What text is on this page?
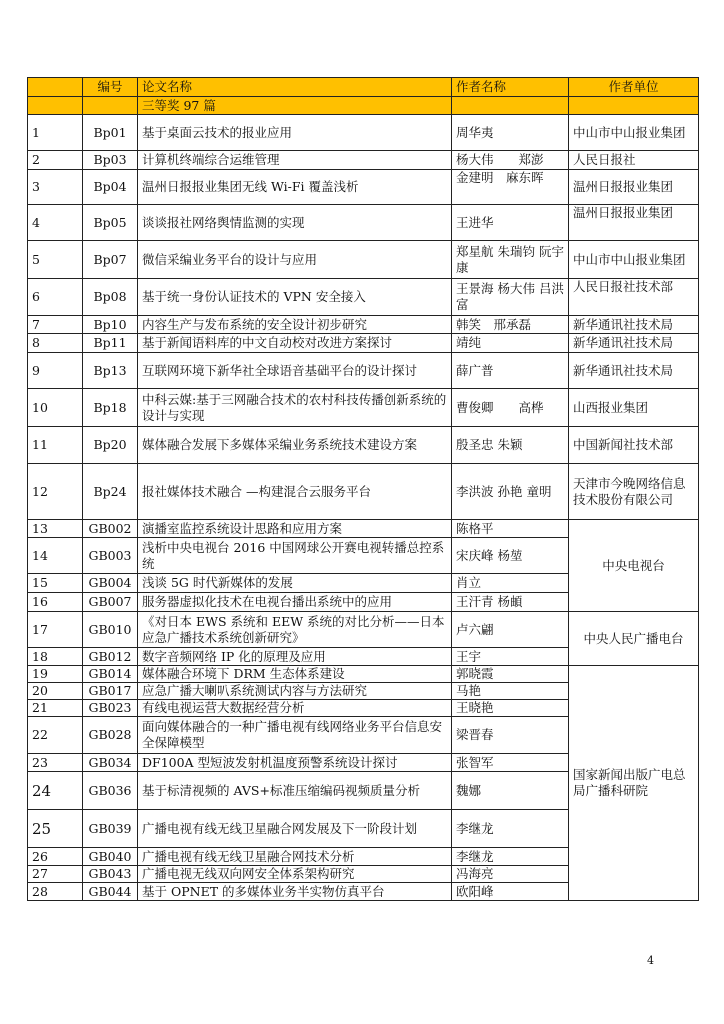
	编号	论文名称	作者名称	作者单位
		三等奖 97 篇		
1	Bp01	基于桌面云技术的报业应用	周华夷	中山市中山报业集团
2	Bp03	计算机终端综合运维管理	杨大伟　　郑澎	人民日报社
3	Bp04	温州日报报业集团无线 Wi-Fi 覆盖浅析	金建明　麻东晖	温州日报报业集团
4	Bp05	谈谈报社网络舆情监测的实现	王进华	温州日报报业集团
5	Bp07	微信采编业务平台的设计与应用	郑星航 朱瑞钧 阮宇康	中山市中山报业集团
6	Bp08	基于统一身份认证技术的 VPN 安全接入	王景海 杨大伟 吕洪富	人民日报社技术部
7	Bp10	内容生产与发布系统的安全设计初步研究	韩笑　邢承磊	新华通讯社技术局
8	Bp11	基于新闻语料库的中文自动校对改进方案探讨	靖纯	新华通讯社技术局
9	Bp13	互联网环境下新华社全球语音基础平台的设计探讨	薛广普	新华通讯社技术局
10	Bp18	中科云媒:基于三网融合技术的农村科技传播创新系统的设计与实现	曹俊卿　　高桦	山西报业集团
11	Bp20	媒体融合发展下多媒体采编业务系统技术建设方案	殷圣忠 朱颖	中国新闻社技术部
12	Bp24	报社媒体技术融合 —构建混合云服务平台	李洪波 孙艳 童明	天津市今晚网络信息技术股份有限公司
13	GB002	演播室监控系统设计思路和应用方案	陈格平	中央电视台
14	GB003	浅析中央电视台 2016 中国网球公开赛电视转播总控系统	宋庆峰 杨堃	
15	GB004	浅谈 5G 时代新媒体的发展	肖立	
16	GB007	服务器虚拟化技术在电视台播出系统中的应用	王汗青 杨頔	
17	GB010	《对日本 EWS 系统和 EEW 系统的对比分析——日本应急广播技术系统创新研究》	卢六翩	中央人民广播电台
18	GB012	数字音频网络 IP 化的原理及应用	王宇	
19	GB014	媒体融合环境下 DRM 生态体系建设	郭晓霞	国家新闻出版广电总局广播科研院
20	GB017	应急广播大喇叭系统测试内容与方法研究	马艳	
21	GB023	有线电视运营大数据经营分析	王晓艳	
22	GB028	面向媒体融合的一种广播电视有线网络业务平台信息安全保障模型	梁晋春	
23	GB034	DF100A 型短波发射机温度预警系统设计探讨	张智军	
24	GB036	基于标清视频的 AVS+标准压缩编码视频质量分析	魏娜	
25	GB039	广播电视有线无线卫星融合网发展及下一阶段计划	李继龙	
26	GB040	广播电视有线无线卫星融合网技术分析	李继龙	
27	GB043	广播电视无线双向网安全体系架构研究	冯海亮	
28	GB044	基于 OPNET 的多媒体业务半实物仿真平台	欧阳峰	
4
